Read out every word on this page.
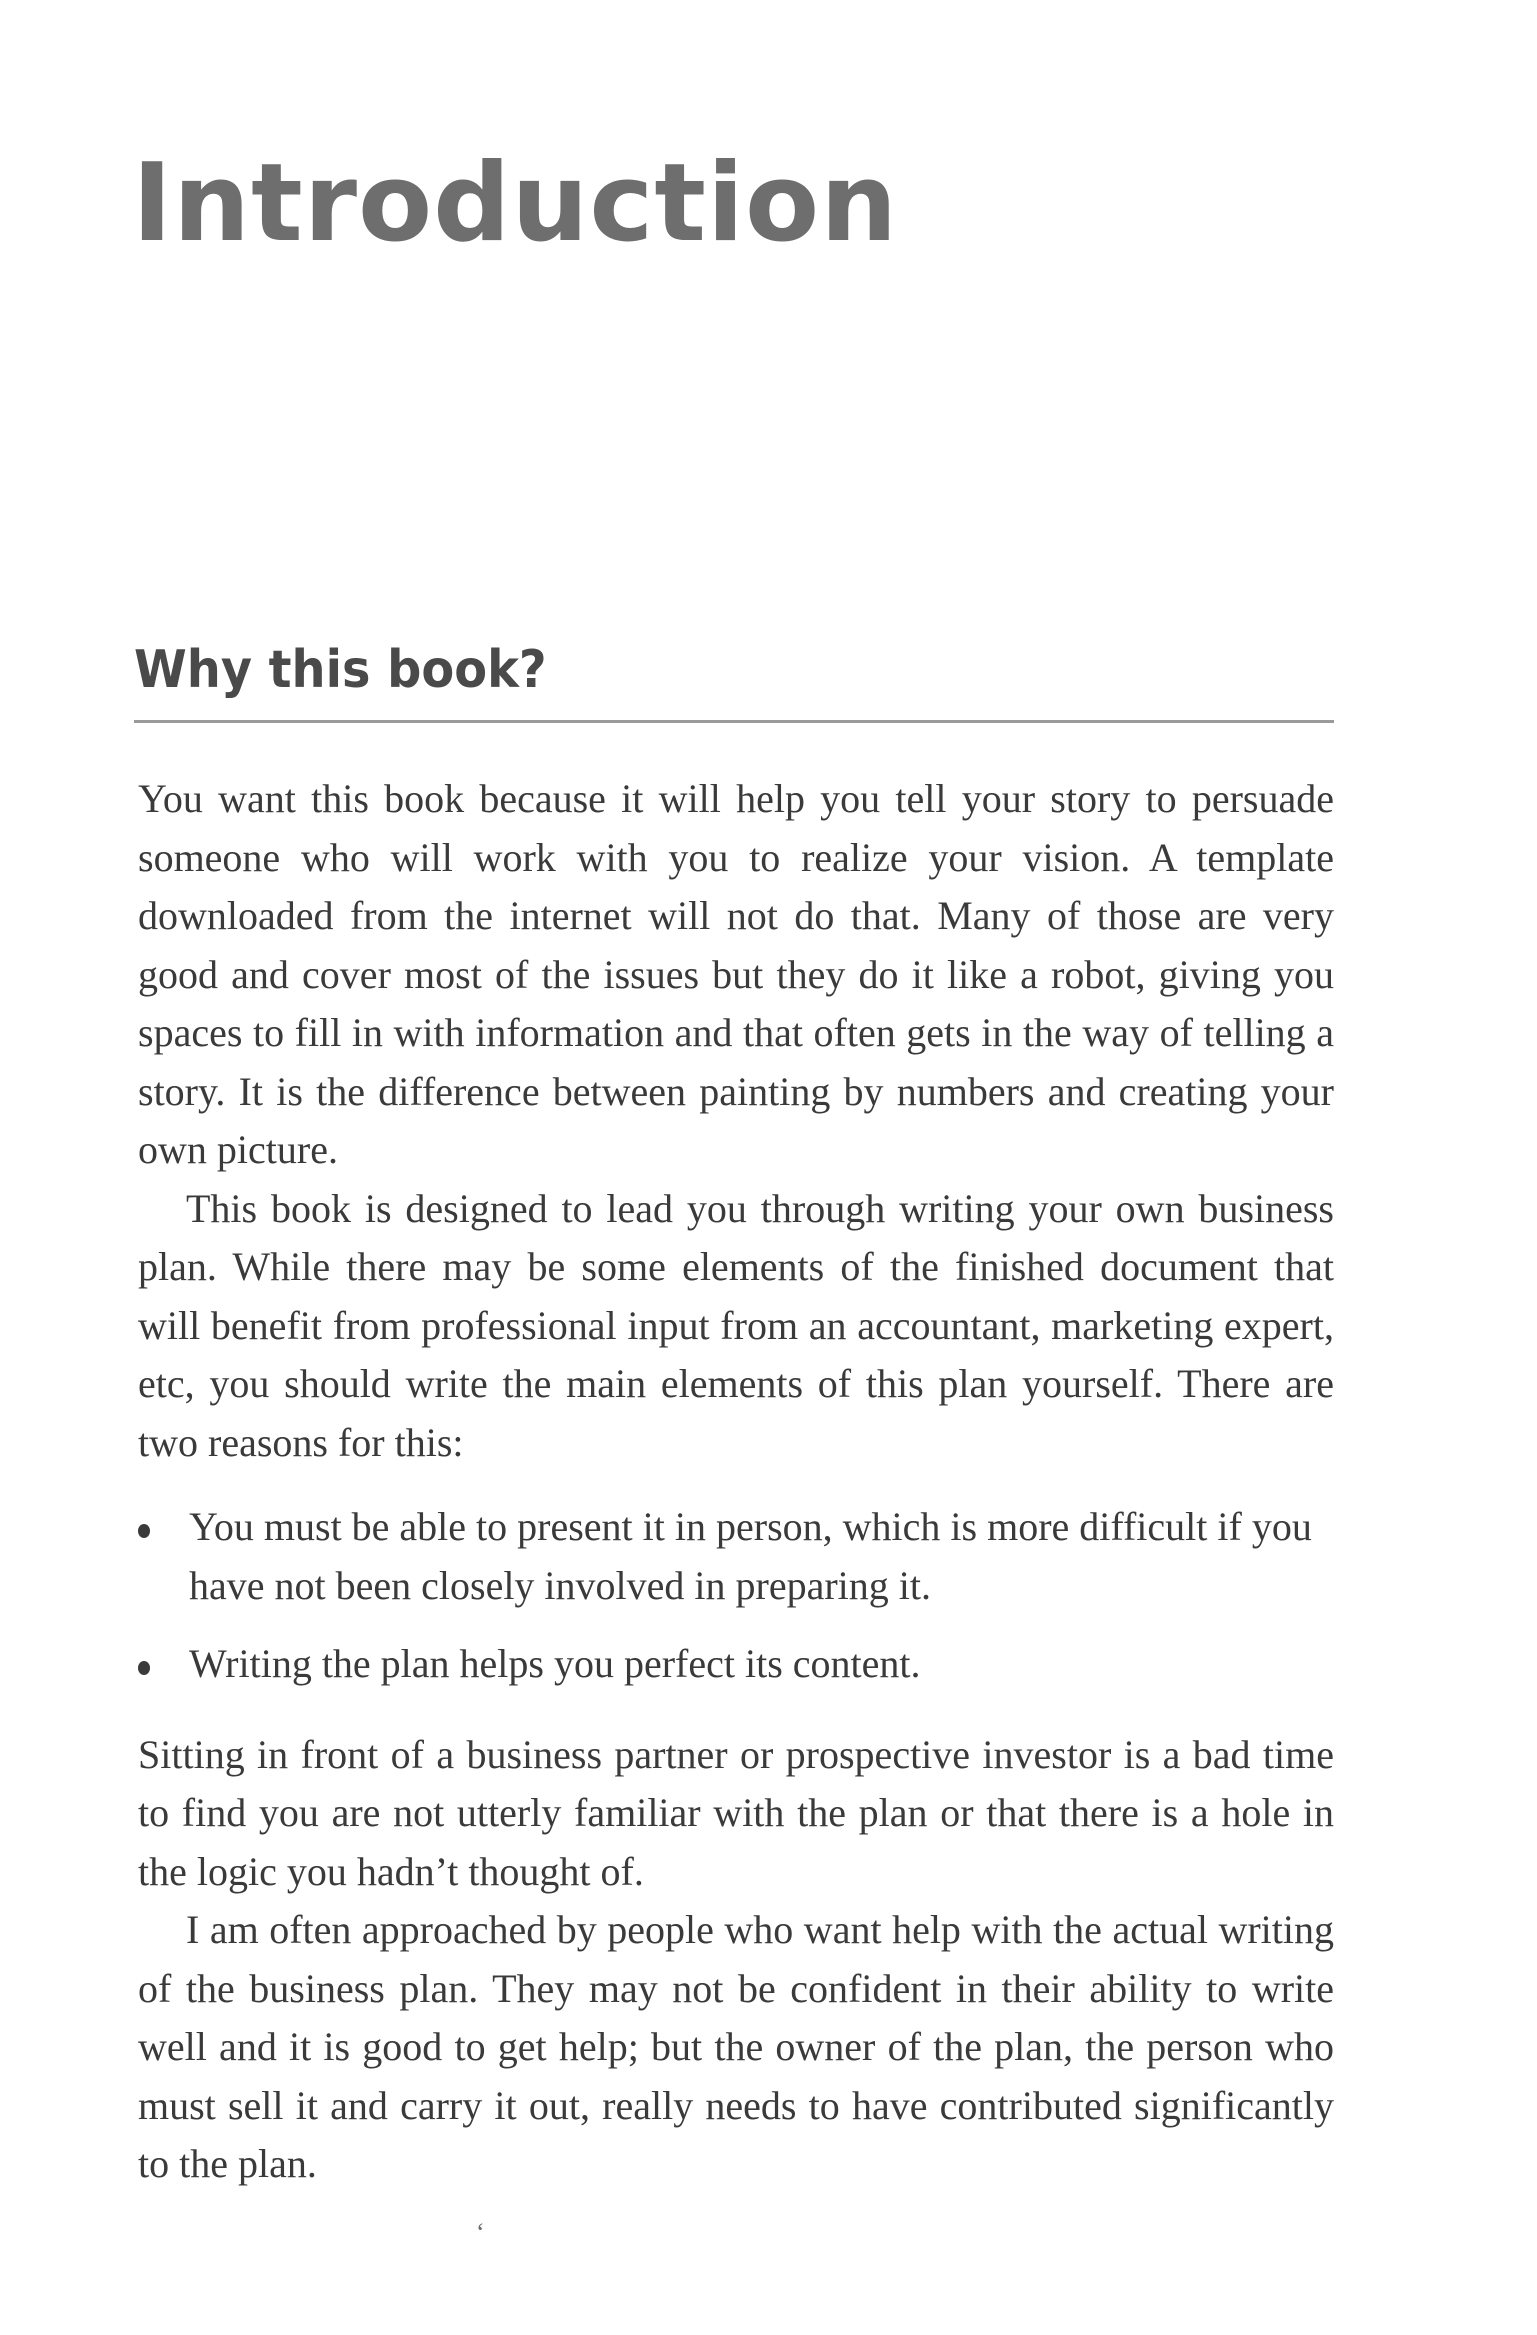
Introduction
Why this book?

You want this book because it will help you tell your story to persuade someone who will work with you to realize your vision. A template downloaded from the internet will not do that. Many of those are very good and cover most of the issues but they do it like a robot, giving you spaces to fill in with information and that often gets in the way of telling a story. It is the difference between painting by numbers and creating your own picture.

This book is designed to lead you through writing your own business plan. While there may be some elements of the finished document that will benefit from professional input from an accountant, marketing expert, etc, you should write the main elements of this plan yourself. There are two reasons for this:

You must be able to present it in person, which is more difficult if you have not been closely involved in preparing it.
Writing the plan helps you perfect its content.

Sitting in front of a business partner or prospective investor is a bad time to find you are not utterly familiar with the plan or that there is a hole in the logic you hadn’t thought of.

I am often approached by people who want help with the actual writing of the business plan. They may not be confident in their ability to write well and it is good to get help; but the owner of the plan, the person who must sell it and carry it out, really needs to have contributed significantly to the plan.

ʻ
